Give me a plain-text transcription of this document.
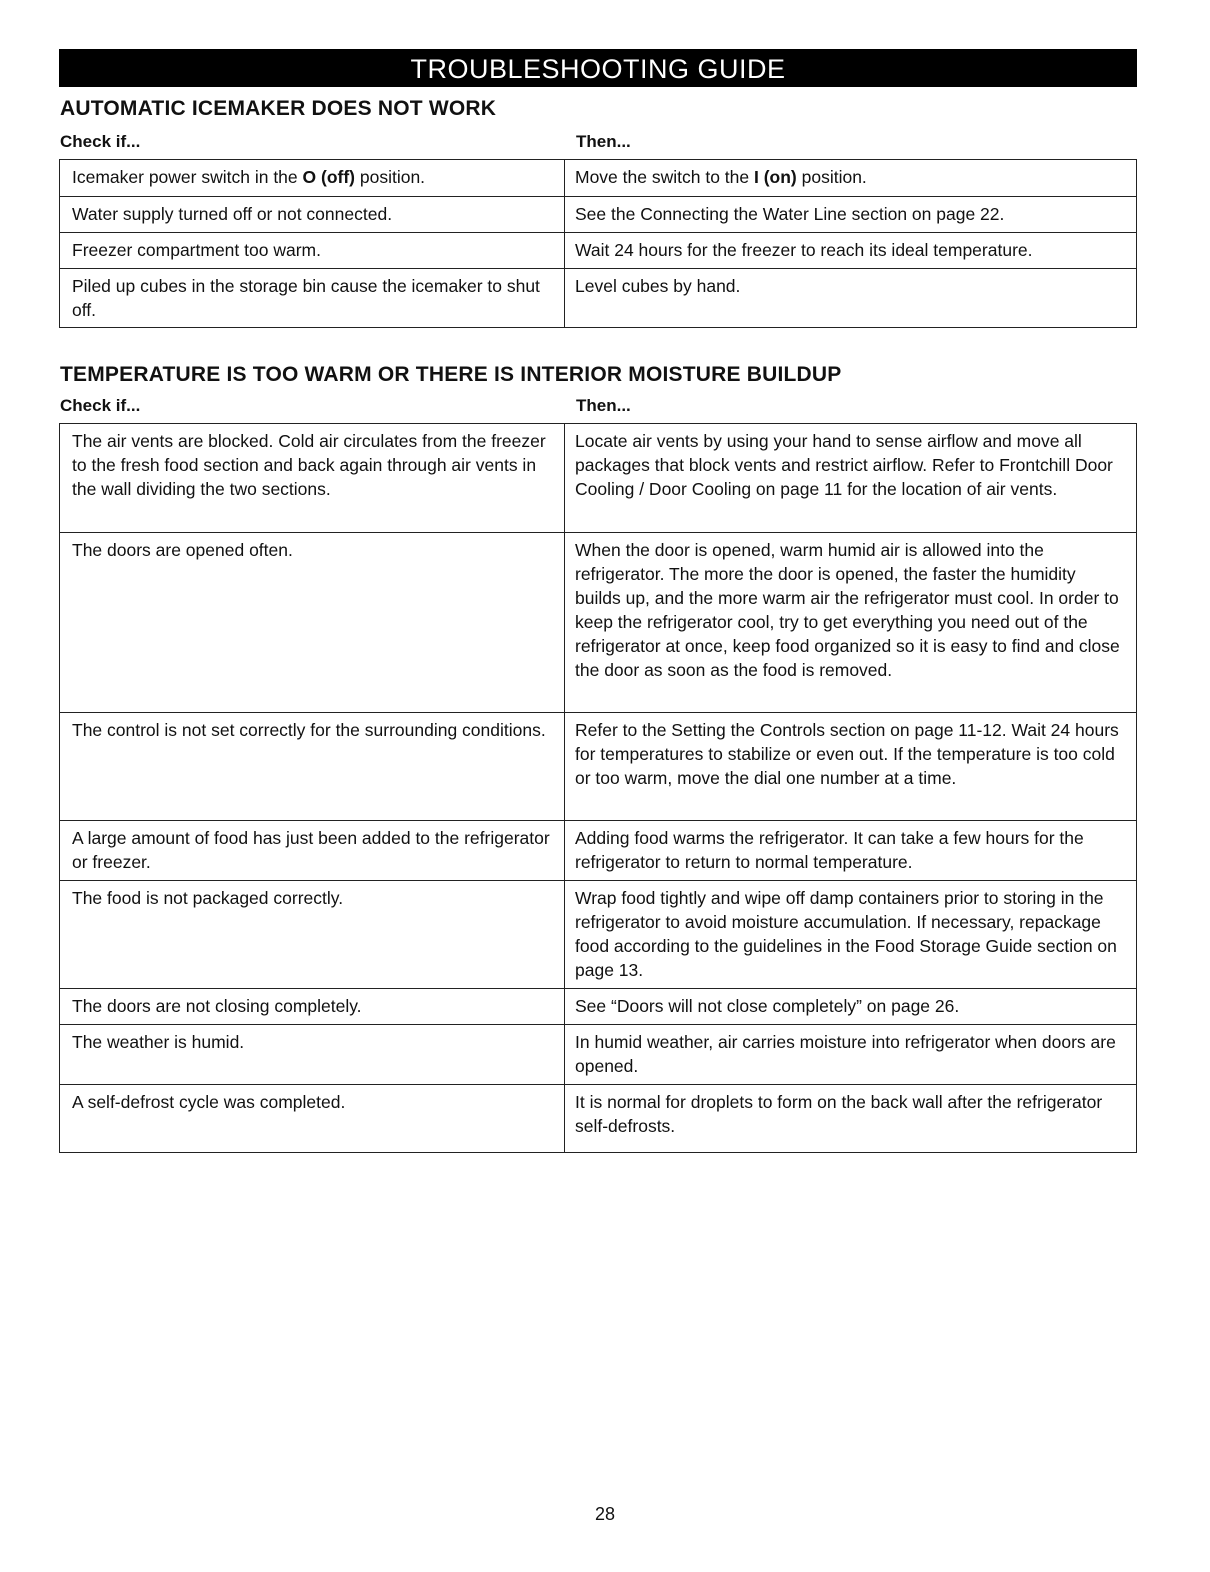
TROUBLESHOOTING GUIDE
AUTOMATIC ICEMAKER DOES NOT WORK
Check if...	Then...
Icemaker power switch in the O (off) position.	Move the switch to the I (on) position.
Water supply turned off or not connected.	See the Connecting the Water Line section on page 22.
Freezer compartment too warm.	Wait 24 hours for the freezer to reach its ideal temperature.
Piled up cubes in the storage bin cause the icemaker to shut off.	Level cubes by hand.
TEMPERATURE IS TOO WARM OR THERE IS INTERIOR MOISTURE BUILDUP
Check if...	Then...
The air vents are blocked. Cold air circulates from the freezer to the fresh food section and back again through air vents in the wall dividing the two sections.	Locate air vents by using your hand to sense airflow and move all packages that block vents and restrict airflow. Refer to Frontchill Door Cooling / Door Cooling on page 11 for the location of air vents.
The doors are opened often.	When the door is opened, warm humid air is allowed into the refrigerator. The more the door is opened, the faster the humidity builds up, and the more warm air the refrigerator must cool. In order to keep the refrigerator cool, try to get everything you need out of the refrigerator at once, keep food organized so it is easy to find and close the door as soon as the food is removed.
The control is not set correctly for the surrounding conditions.	Refer to the Setting the Controls section on page 11-12. Wait 24 hours for temperatures to stabilize or even out. If the temperature is too cold or too warm, move the dial one number at a time.
A large amount of food has just been added to the refrigerator or freezer.	Adding food warms the refrigerator. It can take a few hours for the refrigerator to return to normal temperature.
The food is not packaged correctly.	Wrap food tightly and wipe off damp containers prior to storing in the refrigerator to avoid moisture accumulation. If necessary, repackage food according to the guidelines in the Food Storage Guide section on page 13.
The doors are not closing completely.	See “Doors will not close completely” on page 26.
The weather is humid.	In humid weather, air carries moisture into refrigerator when doors are opened.
A self-defrost cycle was completed.	It is normal for droplets to form on the back wall after the refrigerator self-defrosts.
28
